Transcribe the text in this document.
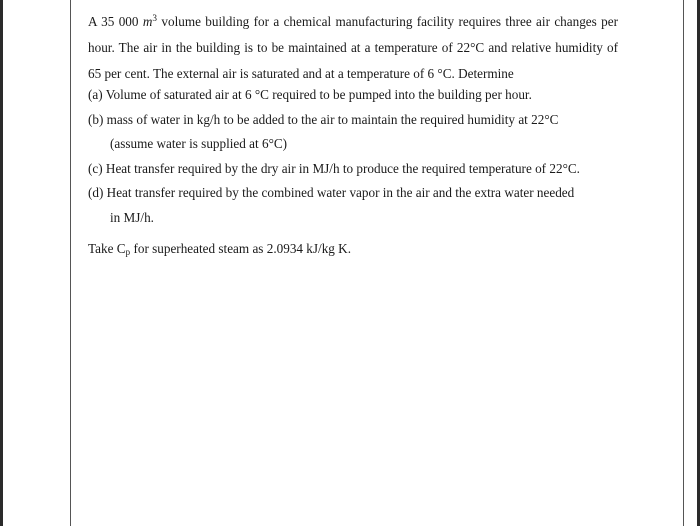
A 35 000 $m^3$ volume building for a chemical manufacturing facility requires three air changes per hour. The air in the building is to be maintained at a temperature of 22°C and relative humidity of 65 per cent. The external air is saturated and at a temperature of 6 °C. Determine

(a) Volume of saturated air at 6 °C required to be pumped into the building per hour.
(b) mass of water in kg/h to be added to the air to maintain the required humidity at 22°C
(assume water is supplied at 6°C)
(c) Heat transfer required by the dry air in MJ/h to produce the required temperature of 22°C.
(d) Heat transfer required by the combined water vapor in the air and the extra water needed
in MJ/h.

Take $C_p$ for superheated steam as 2.0934 kJ/kg K.
